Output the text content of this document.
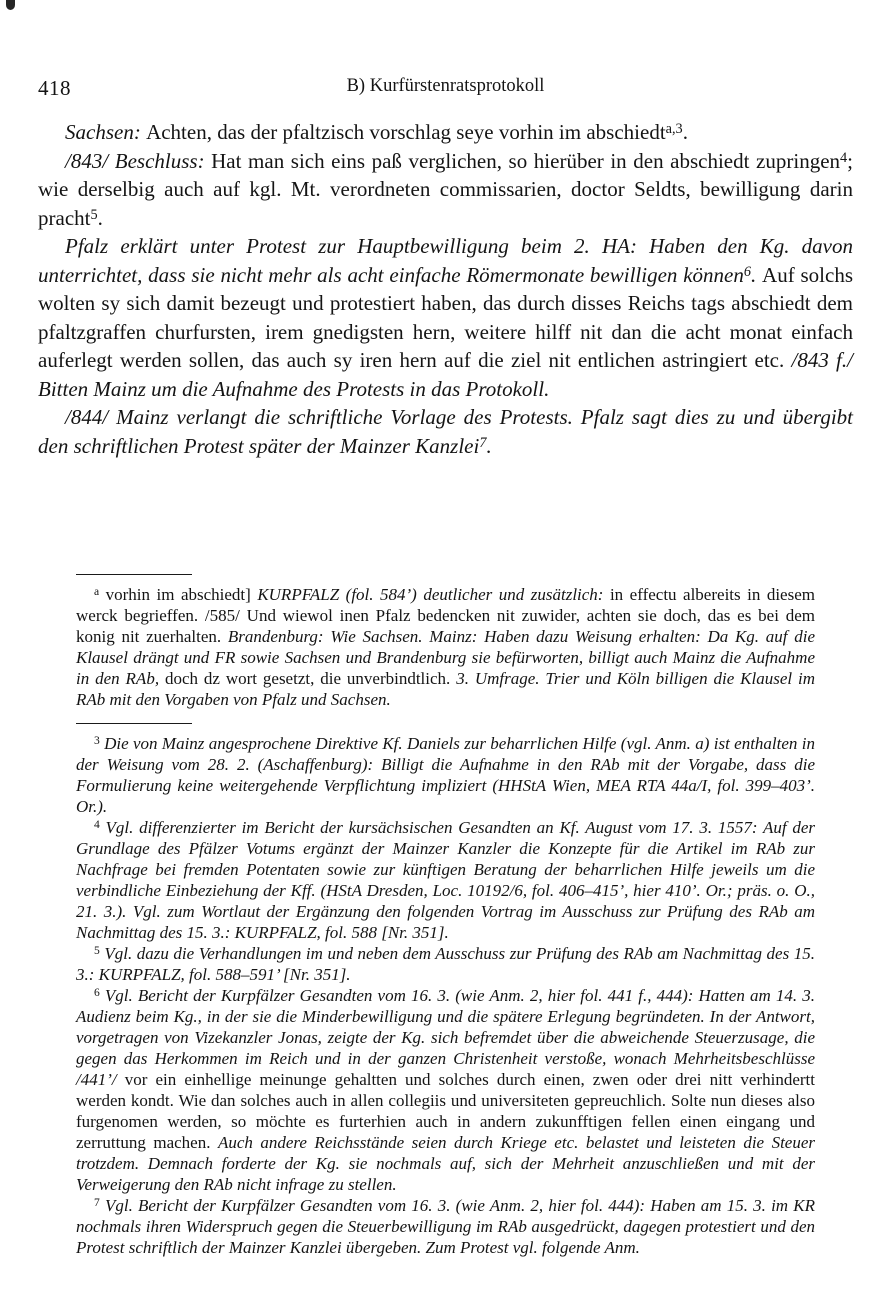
418	B) Kurfürstenratsprotokoll

Sachsen: Achten, das der pfaltzisch vorschlag seye vorhin im abschiedt$^{a,3}$.

/843/ Beschluss: Hat man sich eins paß verglichen, so hierüber in den abschiedt zupringen$^4$; wie derselbig auch auf kgl. Mt. verordneten commissarien, doctor Seldts, bewilligung darin pracht$^5$.

Pfalz erklärt unter Protest zur Hauptbewilligung beim 2. HA: Haben den Kg. davon unterrichtet, dass sie nicht mehr als acht einfache Römermonate bewilligen können$^6$. Auf solchs wolten sy sich damit bezeugt und protestiert haben, das durch disses Reichs tags abschiedt dem pfaltzgraffen churfursten, irem gnedigsten hern, weitere hilff nit dan die acht monat einfach auferlegt werden sollen, das auch sy iren hern auf die ziel nit entlichen astringiert etc. /843 f./ Bitten Mainz um die Aufnahme des Protests in das Protokoll.

/844/ Mainz verlangt die schriftliche Vorlage des Protests. Pfalz sagt dies zu und übergibt den schriftlichen Protest später der Mainzer Kanzlei$^7$.

$^a$ vorhin im abschiedt] KURPFALZ (fol. 584’) deutlicher und zusätzlich: in effectu albereits in diesem werck begrieffen. /585/ Und wiewol inen Pfalz bedencken nit zuwider, achten sie doch, das es bei dem konig nit zuerhalten. Brandenburg: Wie Sachsen. Mainz: Haben dazu Weisung erhalten: Da Kg. auf die Klausel drängt und FR sowie Sachsen und Brandenburg sie befürworten, billigt auch Mainz die Aufnahme in den RAb, doch dz wort gesetzt, die unverbindtlich. 3. Umfrage. Trier und Köln billigen die Klausel im RAb mit den Vorgaben von Pfalz und Sachsen.

$^3$ Die von Mainz angesprochene Direktive Kf. Daniels zur beharrlichen Hilfe (vgl. Anm. a) ist enthalten in der Weisung vom 28. 2. (Aschaffenburg): Billigt die Aufnahme in den RAb mit der Vorgabe, dass die Formulierung keine weitergehende Verpflichtung impliziert (HHStA Wien, MEA RTA 44a/I, fol. 399–403’. Or.).

$^4$ Vgl. differenzierter im Bericht der kursächsischen Gesandten an Kf. August vom 17. 3. 1557: Auf der Grundlage des Pfälzer Votums ergänzt der Mainzer Kanzler die Konzepte für die Artikel im RAb zur Nachfrage bei fremden Potentaten sowie zur künftigen Beratung der beharrlichen Hilfe jeweils um die verbindliche Einbeziehung der Kff. (HStA Dresden, Loc. 10192/6, fol. 406–415’, hier 410’. Or.; präs. o. O., 21. 3.). Vgl. zum Wortlaut der Ergänzung den folgenden Vortrag im Ausschuss zur Prüfung des RAb am Nachmittag des 15. 3.: KURPFALZ, fol. 588 [Nr. 351].

$^5$ Vgl. dazu die Verhandlungen im und neben dem Ausschuss zur Prüfung des RAb am Nachmittag des 15. 3.: KURPFALZ, fol. 588–591’ [Nr. 351].

$^6$ Vgl. Bericht der Kurpfälzer Gesandten vom 16. 3. (wie Anm. 2, hier fol. 441 f., 444): Hatten am 14. 3. Audienz beim Kg., in der sie die Minderbewilligung und die spätere Erlegung begründeten. In der Antwort, vorgetragen von Vizekanzler Jonas, zeigte der Kg. sich befremdet über die abweichende Steuerzusage, die gegen das Herkommen im Reich und in der ganzen Christenheit verstoße, wonach Mehrheitsbeschlüsse /441’/ vor ein einhellige meinunge gehaltten und solches durch einen, zwen oder drei nitt verhindertt werden kondt. Wie dan solches auch in allen collegiis und universiteten gepreuchlich. Solte nun dieses also furgenomen werden, so möchte es furterhien auch in andern zukunfftigen fellen einen eingang und zerruttung machen. Auch andere Reichsstände seien durch Kriege etc. belastet und leisteten die Steuer trotzdem. Demnach forderte der Kg. sie nochmals auf, sich der Mehrheit anzuschließen und mit der Verweigerung den RAb nicht infrage zu stellen.

$^7$ Vgl. Bericht der Kurpfälzer Gesandten vom 16. 3. (wie Anm. 2, hier fol. 444): Haben am 15. 3. im KR nochmals ihren Widerspruch gegen die Steuerbewilligung im RAb ausgedrückt, dagegen protestiert und den Protest schriftlich der Mainzer Kanzlei übergeben. Zum Protest vgl. folgende Anm.
